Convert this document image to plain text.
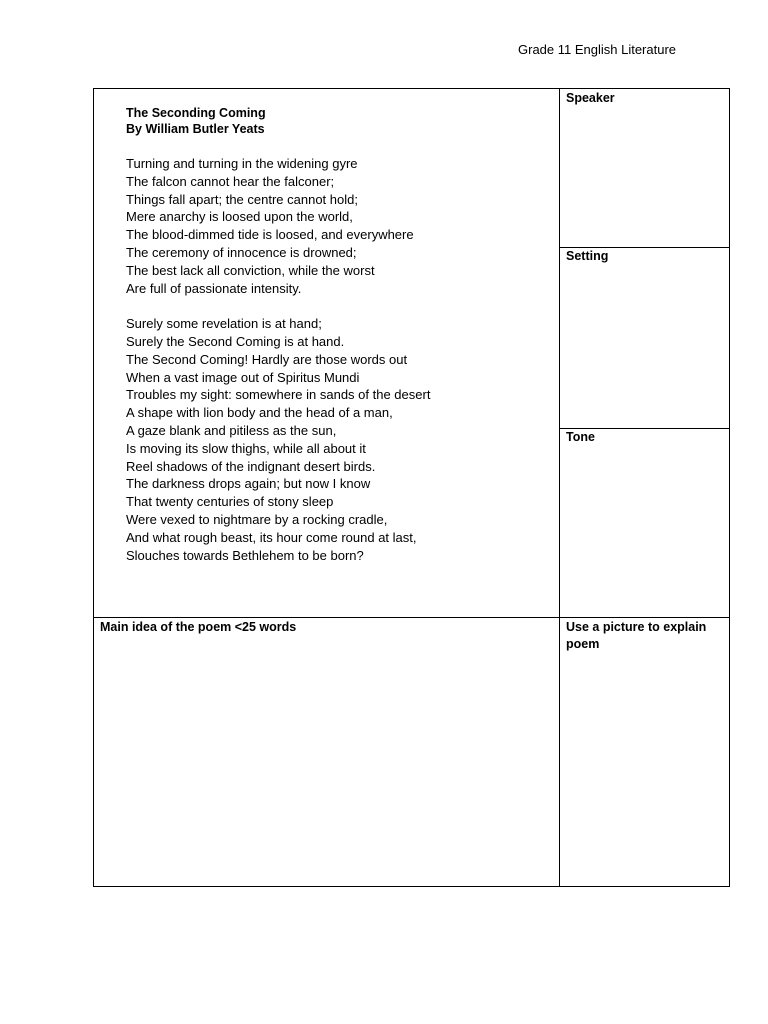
Grade 11 English Literature
The Seconding Coming
By William Butler Yeats
Turning and turning in the widening gyre
The falcon cannot hear the falconer;
Things fall apart; the centre cannot hold;
Mere anarchy is loosed upon the world,
The blood-dimmed tide is loosed, and everywhere
The ceremony of innocence is drowned;
The best lack all conviction, while the worst
Are full of passionate intensity.
Surely some revelation is at hand;
Surely the Second Coming is at hand.
The Second Coming! Hardly are those words out
When a vast image out of Spiritus Mundi
Troubles my sight: somewhere in sands of the desert
A shape with lion body and the head of a man,
A gaze blank and pitiless as the sun,
Is moving its slow thighs, while all about it
Reel shadows of the indignant desert birds.
The darkness drops again; but now I know
That twenty centuries of stony sleep
Were vexed to nightmare by a rocking cradle,
And what rough beast, its hour come round at last,
Slouches towards Bethlehem to be born?
Speaker
Setting
Tone
Main idea of the poem <25 words	Use a picture to explain poem
